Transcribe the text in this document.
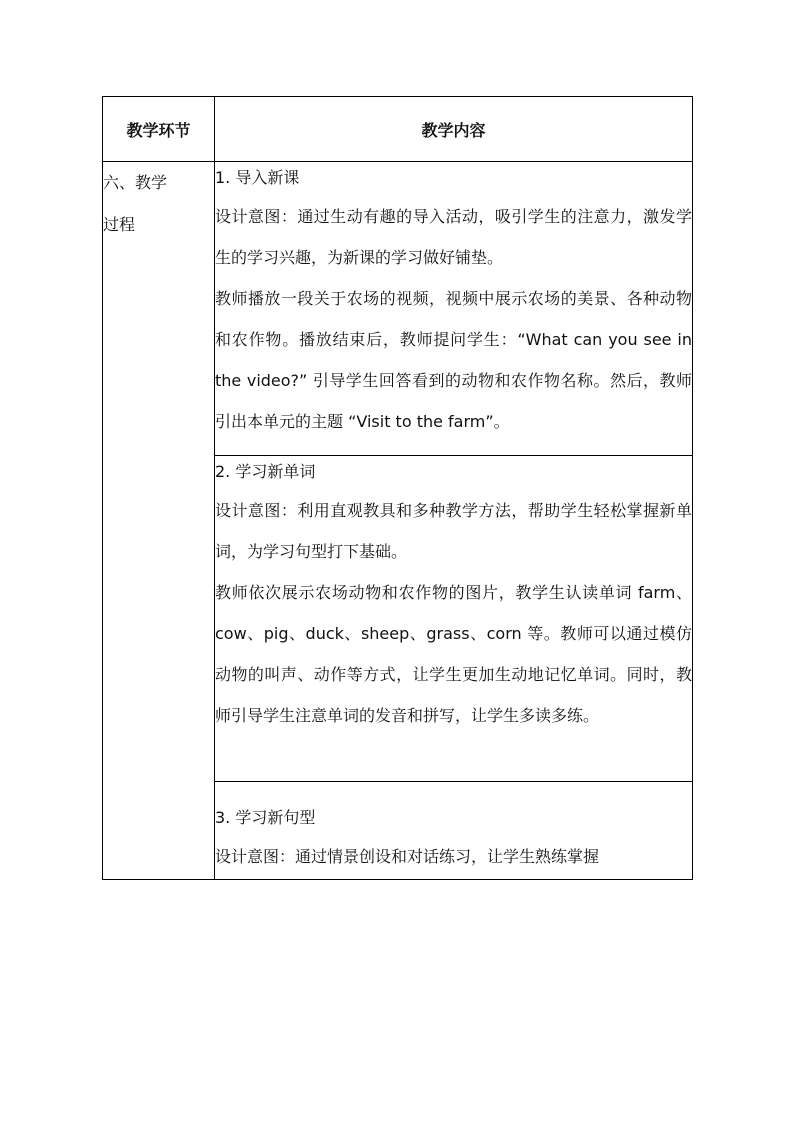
教学环节	教学内容
六、教学
过程	1. 导入新课
设计意图：通过生动有趣的导入活动，吸引学生的注意力，激发学生的学习兴趣，为新课的学习做好铺垫。
教师播放一段关于农场的视频，视频中展示农场的美景、各种动物和农作物。播放结束后，教师提问学生：“What can you see in the video?” 引导学生回答看到的动物和农作物名称。然后，教师引出本单元的主题 “Visit to the farm”。

	2. 学习新单词
设计意图：利用直观教具和多种教学方法，帮助学生轻松掌握新单词，为学习句型打下基础。
教师依次展示农场动物和农作物的图片，教学生认读单词 farm、cow、pig、duck、sheep、grass、corn 等。教师可以通过模仿动物的叫声、动作等方式，让学生更加生动地记忆单词。同时，教师引导学生注意单词的发音和拼写，让学生多读多练。

	3. 学习新句型
设计意图：通过情景创设和对话练习，让学生熟练掌握
